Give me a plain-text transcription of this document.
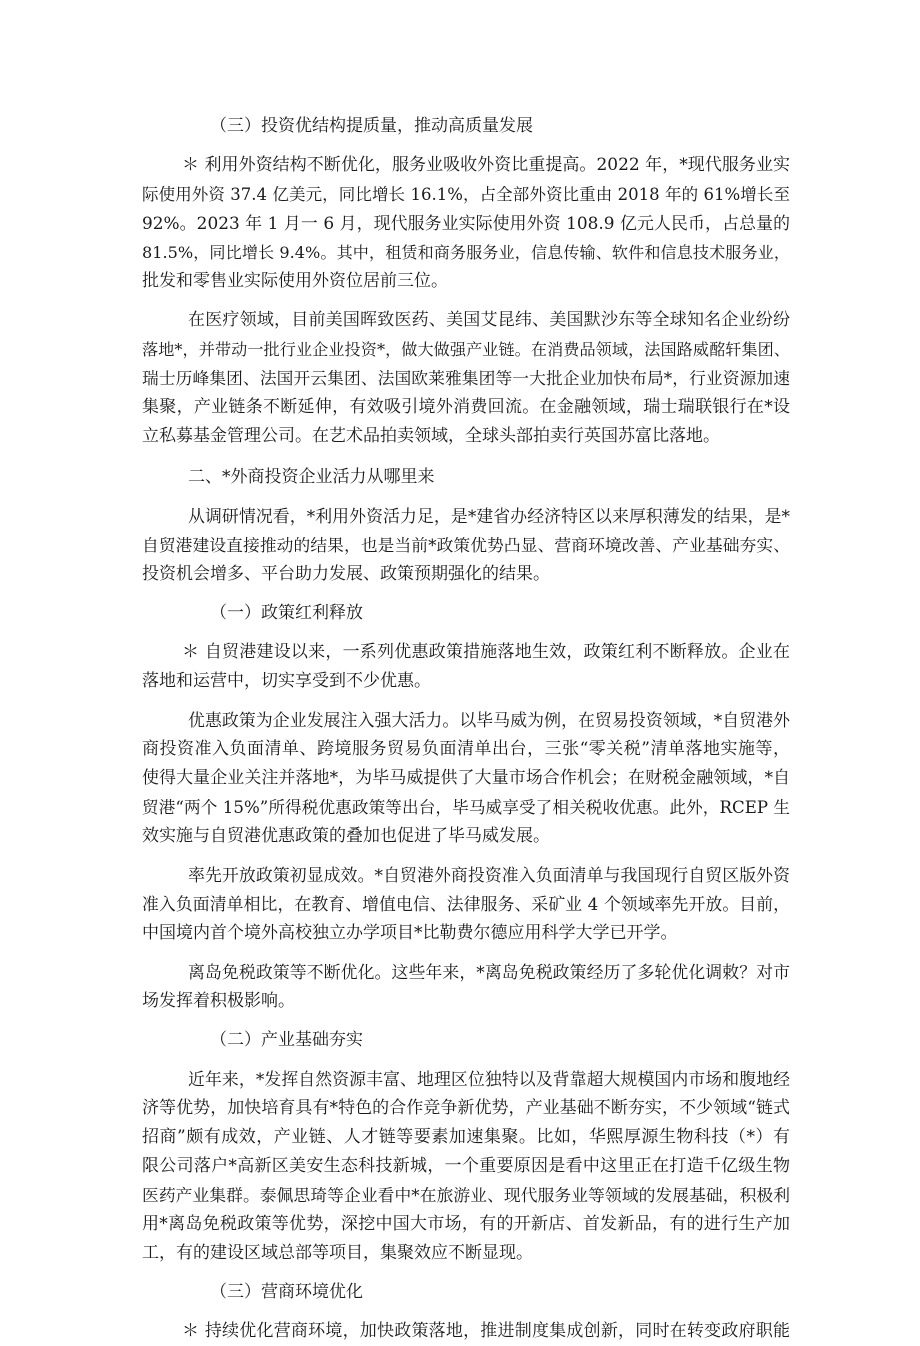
（三）投资优结构提质量，推动高质量发展

＊ 利用外资结构不断优化，服务业吸收外资比重提高。2022 年，*现代服务业实
际使用外资 37.4 亿美元，同比增长 16.1%，占全部外资比重由 2018 年的 61%增长至
92%。2023 年 1 月一 6 月，现代服务业实际使用外资 108.9 亿元人民币，占总量的
81.5%，同比增长 9.4%。其中，租赁和商务服务业，信息传输、软件和信息技术服务业，
批发和零售业实际使用外资位居前三位。
在医疗领域，目前美国晖致医药、美国艾昆纬、美国默沙东等全球知名企业纷纷
落地*，并带动一批行业企业投资*，做大做强产业链。在消费品领域，法国路威酩轩集团、
瑞士历峰集团、法国开云集团、法国欧莱雅集团等一大批企业加快布局*，行业资源加速
集聚，产业链条不断延伸，有效吸引境外消费回流。在金融领域，瑞士瑞联银行在*设
立私募基金管理公司。在艺术品拍卖领域，全球头部拍卖行英国苏富比落地。

二、*外商投资企业活力从哪里来

从调研情况看，*利用外资活力足，是*建省办经济特区以来厚积薄发的结果，是*
自贸港建设直接推动的结果，也是当前*政策优势凸显、营商环境改善、产业基础夯实、
投资机会增多、平台助力发展、政策预期强化的结果。

（一）政策红利释放

＊ 自贸港建设以来，一系列优惠政策措施落地生效，政策红利不断释放。企业在
落地和运营中，切实享受到不少优惠。
优惠政策为企业发展注入强大活力。以毕马威为例，在贸易投资领域，*自贸港外
商投资准入负面清单、跨境服务贸易负面清单出台，三张“零关税”清单落地实施等，
使得大量企业关注并落地*，为毕马威提供了大量市场合作机会；在财税金融领域，*自
贸港“两个 15%”所得税优惠政策等出台，毕马威享受了相关税收优惠。此外，RCEP 生
效实施与自贸港优惠政策的叠加也促进了毕马威发展。
率先开放政策初显成效。*自贸港外商投资准入负面清单与我国现行自贸区版外资
准入负面清单相比，在教育、增值电信、法律服务、采矿业 4 个领域率先开放。目前，
中国境内首个境外高校独立办学项目*比勒费尔德应用科学大学已开学。
离岛免税政策等不断优化。这些年来，*离岛免税政策经历了多轮优化调敕？对市
场发挥着积极影响。

（二）产业基础夯实

近年来，*发挥自然资源丰富、地理区位独特以及背靠超大规模国内市场和腹地经
济等优势，加快培育具有*特色的合作竞争新优势，产业基础不断夯实，不少领域“链式
招商”颇有成效，产业链、人才链等要素加速集聚。比如，华熙厚源生物科技（*）有
限公司落户*高新区美安生态科技新城，一个重要原因是看中这里正在打造千亿级生物
医药产业集群。泰佩思琦等企业看中*在旅游业、现代服务业等领域的发展基础，积极利
用*离岛免税政策等优势，深挖中国大市场，有的开新店、首发新品，有的进行生产加
工，有的建设区域总部等项目，集聚效应不断显现。

（三）营商环境优化

＊ 持续优化营商环境，加快政策落地，推进制度集成创新，同时在转变政府职能
